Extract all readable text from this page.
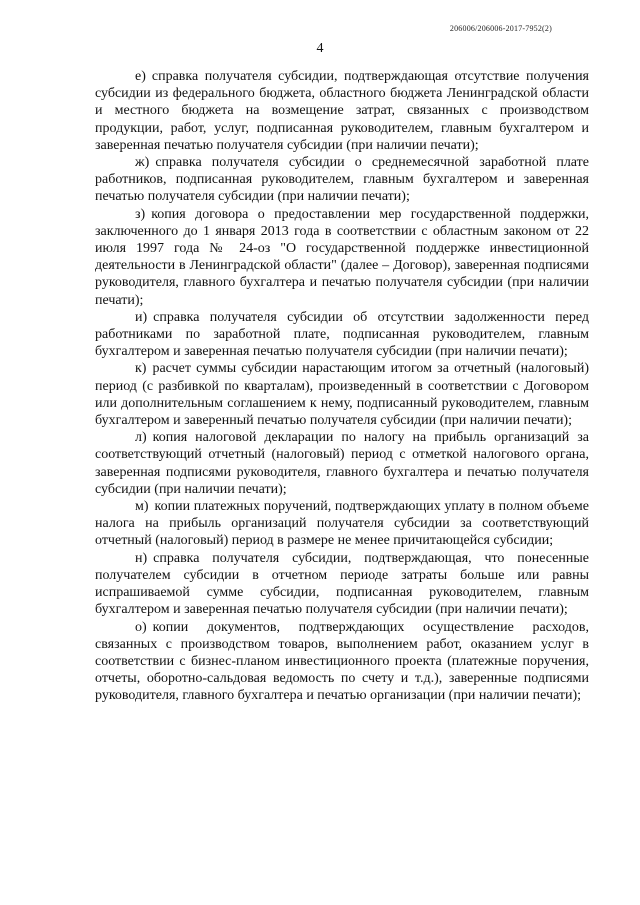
206006/206006-2017-7952(2)
4

е) справка получателя субсидии, подтверждающая отсутствие получения субсидии из федерального бюджета, областного бюджета Ленинградской области и местного бюджета на возмещение затрат, связанных с производством продукции, работ, услуг, подписанная руководителем, главным бухгалтером и заверенная печатью получателя субсидии (при наличии печати);

ж) справка получателя субсидии о среднемесячной заработной плате работников, подписанная руководителем, главным бухгалтером и заверенная печатью получателя субсидии (при наличии печати);

з) копия договора о предоставлении мер государственной поддержки, заключенного до 1 января 2013 года в соответствии с областным законом от 22 июля 1997 года № 24-оз "О государственной поддержке инвестиционной деятельности в Ленинградской области" (далее – Договор), заверенная подписями руководителя, главного бухгалтера и печатью получателя субсидии (при наличии печати);

и) справка получателя субсидии об отсутствии задолженности перед работниками по заработной плате, подписанная руководителем, главным бухгалтером и заверенная печатью получателя субсидии (при наличии печати);

к) расчет суммы субсидии нарастающим итогом за отчетный (налоговый) период (с разбивкой по кварталам), произведенный в соответствии с Договором или дополнительным соглашением к нему, подписанный руководителем, главным бухгалтером и заверенный печатью получателя субсидии (при наличии печати);

л) копия налоговой декларации по налогу на прибыль организаций за соответствующий отчетный (налоговый) период с отметкой налогового органа, заверенная подписями руководителя, главного бухгалтера и печатью получателя субсидии (при наличии печати);

м) копии платежных поручений, подтверждающих уплату в полном объеме налога на прибыль организаций получателя субсидии за соответствующий отчетный (налоговый) период в размере не менее причитающейся субсидии;

н) справка получателя субсидии, подтверждающая, что понесенные получателем субсидии в отчетном периоде затраты больше или равны испрашиваемой сумме субсидии, подписанная руководителем, главным бухгалтером и заверенная печатью получателя субсидии (при наличии печати);

о) копии документов, подтверждающих осуществление расходов, связанных с производством товаров, выполнением работ, оказанием услуг в соответствии с бизнес-планом инвестиционного проекта (платежные поручения, отчеты, оборотно-сальдовая ведомость по счету и т.д.), заверенные подписями руководителя, главного бухгалтера и печатью организации (при наличии печати);
